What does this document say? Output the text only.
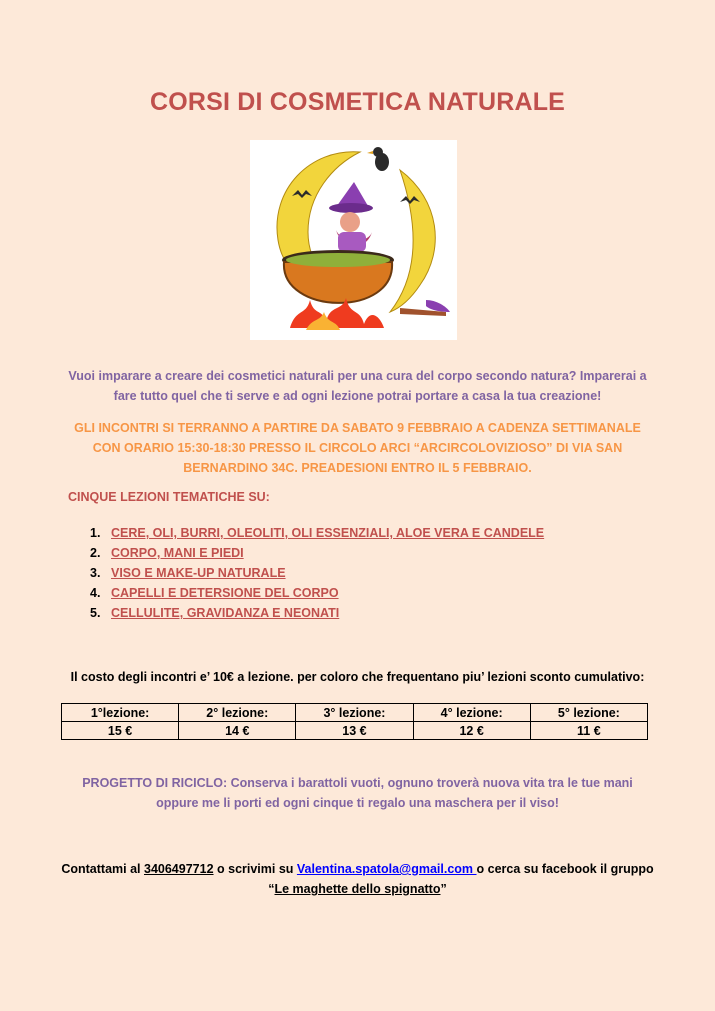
CORSI DI COSMETICA NATURALE
Vuoi imparare a creare dei cosmetici naturali per una cura del corpo secondo natura? Imparerai a fare tutto quel che ti serve e ad ogni lezione potrai portare a casa la tua creazione!
GLI INCONTRI SI TERRANNO A PARTIRE DA SABATO 9 FEBBRAIO A CADENZA SETTIMANALE CON ORARIO 15:30-18:30 PRESSO IL CIRCOLO ARCI “ARCIRCOLOVIZIOSO” DI VIA SAN BERNARDINO 34C. PREADESIONI ENTRO IL 5 FEBBRAIO.
CINQUE LEZIONI TEMATICHE SU:
1. CERE, OLI, BURRI, OLEOLITI, OLI ESSENZIALI, ALOE VERA E CANDELE
2. CORPO, MANI E PIEDI
3. VISO E MAKE-UP NATURALE
4. CAPELLI E DETERSIONE DEL CORPO
5. CELLULITE, GRAVIDANZA E NEONATI
Il costo degli incontri e’ 10€ a lezione. per coloro che frequentano piu’ lezioni sconto cumulativo:
1°lezione:	2° lezione:	3° lezione:	4° lezione:	5° lezione:
15 €	14 €	13 €	12 €	11 €
PROGETTO DI RICICLO: Conserva i barattoli vuoti, ognuno troverà nuova vita tra le tue mani oppure me li porti ed ogni cinque ti regalo una maschera per il viso!
Contattami al 3406497712 o scrivimi su Valentina.spatola@gmail.com o cerca su facebook il gruppo “Le maghette dello spignatto”
